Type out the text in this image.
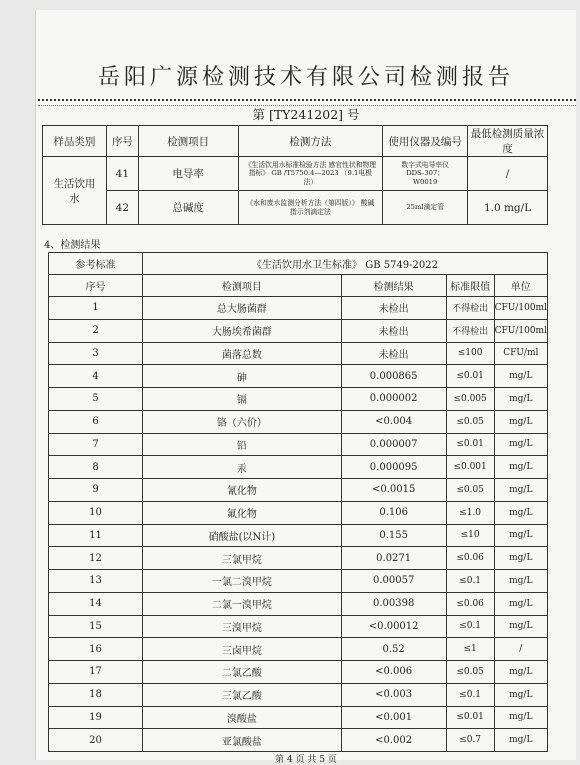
岳阳广源检测技术有限公司检测报告
第 [TY241202] 号
样品类别	序号	检测项目	检测方法	使用仪器及编号	最低检测质量浓度
生活饮用水	41	电导率	《生活饮用水标准检验方法 感官性状和物理指标》 GB /T5750.4—2023 （9.1电极法）	数字式电导率仪 DDS-307； W0019	/
	42	总碱度	《水和废水监测分析方法（第四版）》 酸碱指示剂滴定法	25ml滴定管	1.0 mg/L
4、检测结果
参考标准	《生活饮用水卫生标准》 GB 5749-2022			
序号	检测项目	检测结果	标准限值	单位
1	总大肠菌群	未检出	不得检出	CFU/100ml
2	大肠埃希菌群	未检出	不得检出	CFU/100ml
3	菌落总数	未检出	≤100	CFU/ml
4	砷	0.000865	≤0.01	mg/L
5	镉	0.000002	≤0.005	mg/L
6	铬（六价）	<0.004	≤0.05	mg/L
7	铅	0.000007	≤0.01	mg/L
8	汞	0.000095	≤0.001	mg/L
9	氰化物	<0.0015	≤0.05	mg/L
10	氟化物	0.106	≤1.0	mg/L
11	硝酸盐(以N计)	0.155	≤10	mg/L
12	三氯甲烷	0.0271	≤0.06	mg/L
13	一氯二溴甲烷	0.00057	≤0.1	mg/L
14	二氯一溴甲烷	0.00398	≤0.06	mg/L
15	三溴甲烷	<0.00012	≤0.1	mg/L
16	三卤甲烷	0.52	≤1	/
17	二氯乙酸	<0.006	≤0.05	mg/L
18	三氯乙酸	<0.003	≤0.1	mg/L
19	溴酸盐	<0.001	≤0.01	mg/L
20	亚氯酸盐	<0.002	≤0.7	mg/L
第 4 页 共 5 页
